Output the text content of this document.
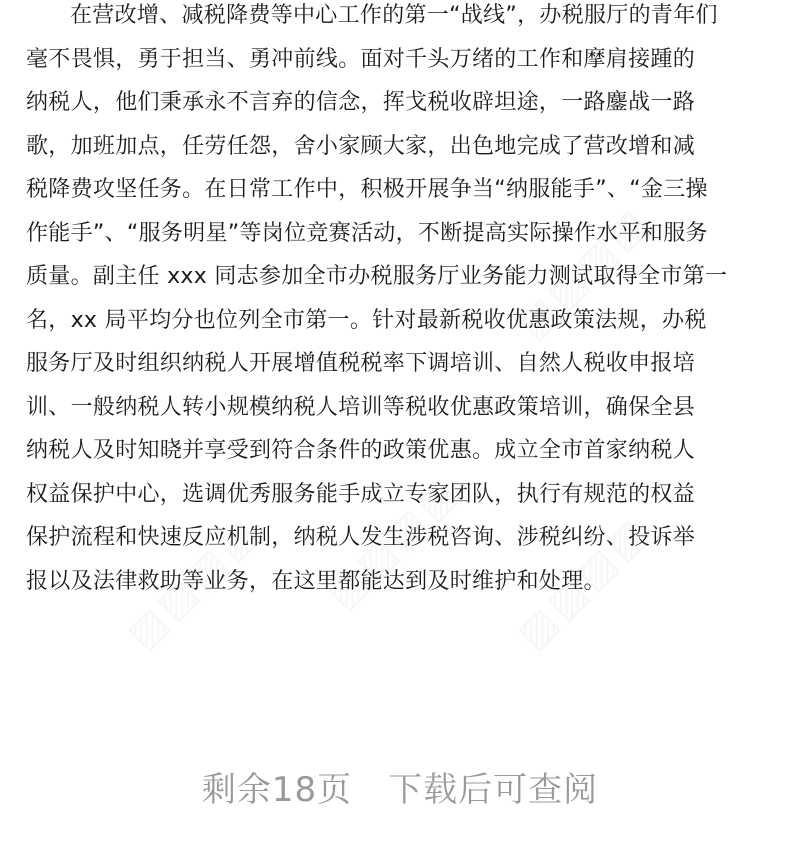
▨▨▨▨ ▨▨▨▨
▨▨▨▨
▨▨▨▨
在营改增、减税降费等中心工作的第一“战线”，办税服厅的青年们
毫不畏惧，勇于担当、勇冲前线。面对千头万绪的工作和摩肩接踵的
纳税人，他们秉承永不言弃的信念，挥戈税收辟坦途，一路鏖战一路
歌，加班加点，任劳任怨，舍小家顾大家，出色地完成了营改增和减
税降费攻坚任务。在日常工作中，积极开展争当“纳服能手”、“金三操
作能手”、“服务明星”等岗位竞赛活动，不断提高实际操作水平和服务
质量。副主任 xxx 同志参加全市办税服务厅业务能力测试取得全市第一
名，xx 局平均分也位列全市第一。针对最新税收优惠政策法规，办税
服务厅及时组织纳税人开展增值税税率下调培训、自然人税收申报培
训、一般纳税人转小规模纳税人培训等税收优惠政策培训，确保全县
纳税人及时知晓并享受到符合条件的政策优惠。成立全市首家纳税人
权益保护中心，选调优秀服务能手成立专家团队，执行有规范的权益
保护流程和快速反应机制，纳税人发生涉税咨询、涉税纠纷、投诉举
报以及法律救助等业务，在这里都能达到及时维护和处理。
剩余18页 下载后可查阅
